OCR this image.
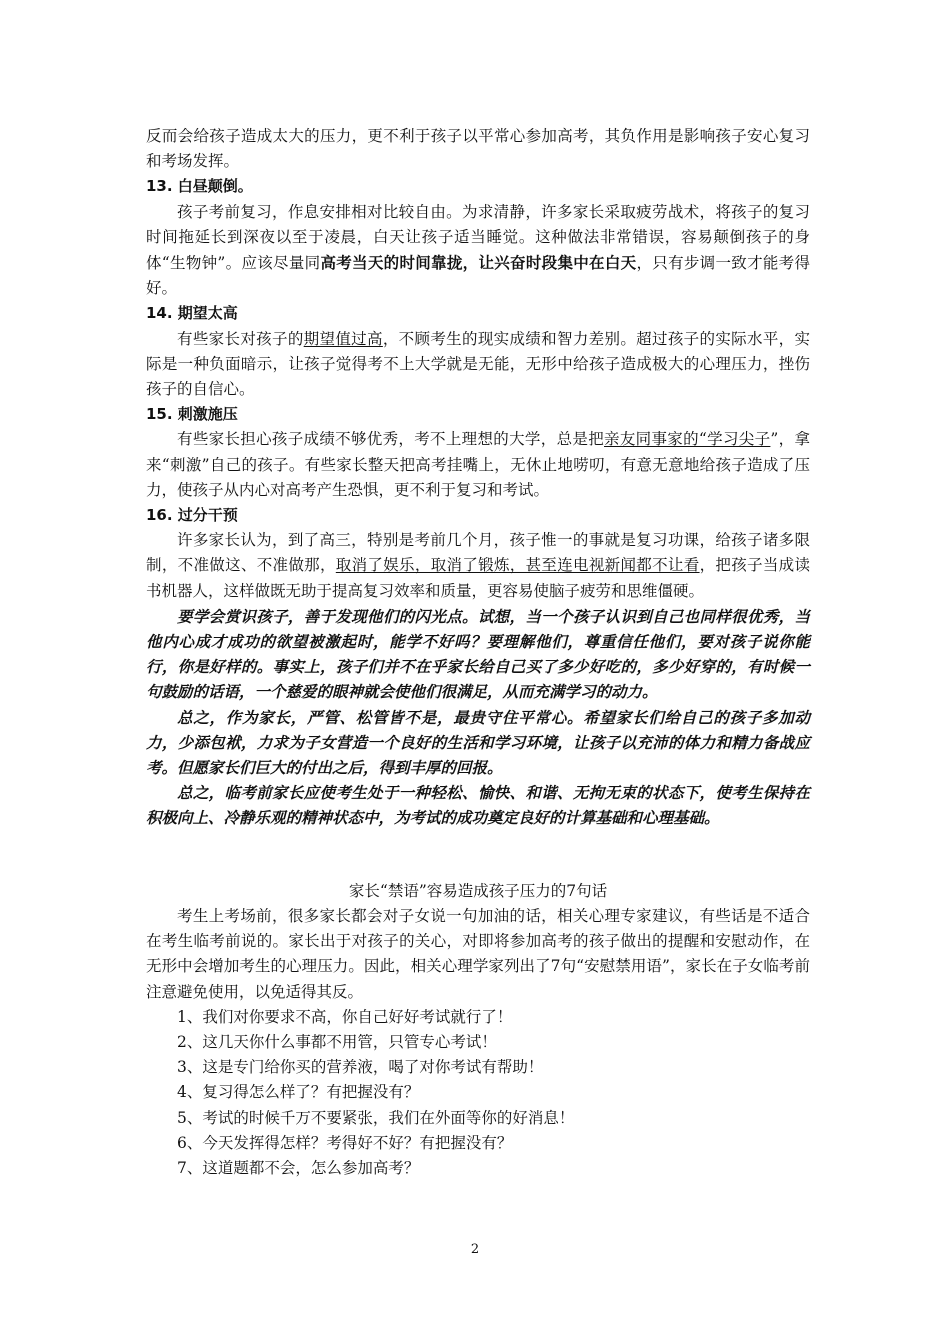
反而会给孩子造成太大的压力，更不利于孩子以平常心参加高考，其负作用是影响孩子安心复习和考场发挥。

13. 白昼颠倒。

孩子考前复习，作息安排相对比较自由。为求清静，许多家长采取疲劳战术，将孩子的复习时间拖延长到深夜以至于凌晨，白天让孩子适当睡觉。这种做法非常错误，容易颠倒孩子的身体“生物钟”。应该尽量同高考当天的时间靠拢，让兴奋时段集中在白天，只有步调一致才能考得好。

14. 期望太高

有些家长对孩子的期望值过高，不顾考生的现实成绩和智力差别。超过孩子的实际水平，实际是一种负面暗示，让孩子觉得考不上大学就是无能，无形中给孩子造成极大的心理压力，挫伤孩子的自信心。

15. 刺激施压

有些家长担心孩子成绩不够优秀，考不上理想的大学，总是把亲友同事家的“学习尖子”，拿来“刺激”自己的孩子。有些家长整天把高考挂嘴上，无休止地唠叨，有意无意地给孩子造成了压力，使孩子从内心对高考产生恐惧，更不利于复习和考试。

16. 过分干预

许多家长认为，到了高三，特别是考前几个月，孩子惟一的事就是复习功课，给孩子诸多限制，不准做这、不准做那，取消了娱乐，取消了锻炼，甚至连电视新闻都不让看，把孩子当成读书机器人，这样做既无助于提高复习效率和质量，更容易使脑子疲劳和思维僵硬。

要学会赏识孩子，善于发现他们的闪光点。试想，当一个孩子认识到自己也同样很优秀，当他内心成才成功的欲望被激起时，能学不好吗？要理解他们，尊重信任他们，要对孩子说你能行，你是好样的。事实上，孩子们并不在乎家长给自己买了多少好吃的，多少好穿的，有时候一句鼓励的话语，一个慈爱的眼神就会使他们很满足，从而充满学习的动力。

总之，作为家长，严管、松管皆不是，最贵守住平常心。希望家长们给自己的孩子多加动力，少添包袱，力求为子女营造一个良好的生活和学习环境，让孩子以充沛的体力和精力备战应考。但愿家长们巨大的付出之后，得到丰厚的回报。

总之，临考前家长应使考生处于一种轻松、愉快、和谐、无拘无束的状态下，使考生保持在积极向上、冷静乐观的精神状态中，为考试的成功奠定良好的计算基础和心理基础。

家长“禁语”容易造成孩子压力的7句话

考生上考场前，很多家长都会对子女说一句加油的话，相关心理专家建议，有些话是不适合在考生临考前说的。家长出于对孩子的关心，对即将参加高考的孩子做出的提醒和安慰动作，在无形中会增加考生的心理压力。因此，相关心理学家列出了7句“安慰禁用语”，家长在子女临考前注意避免使用，以免适得其反。

1、我们对你要求不高，你自己好好考试就行了！

2、这几天你什么事都不用管，只管专心考试！

3、这是专门给你买的营养液，喝了对你考试有帮助！

4、复习得怎么样了？有把握没有？

5、考试的时候千万不要紧张，我们在外面等你的好消息！

6、今天发挥得怎样？考得好不好？有把握没有？

7、这道题都不会，怎么参加高考？

2
